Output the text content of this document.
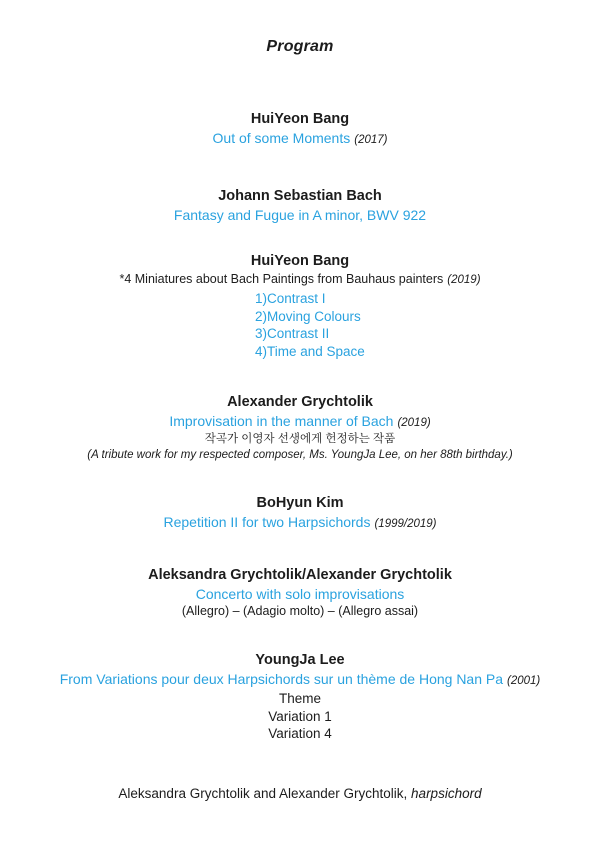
Program
HuiYeon Bang
Out of some Moments (2017)
Johann Sebastian Bach
Fantasy and Fugue in A minor, BWV 922
HuiYeon Bang
*4 Miniatures about Bach Paintings from Bauhaus painters (2019)
1)Contrast I
2)Moving Colours
3)Contrast II
4)Time and Space
Alexander Grychtolik
Improvisation in the manner of Bach (2019)
작곡가 이영자 선생에게 헌정하는 작품
(A tribute work for my respected composer, Ms. YoungJa Lee, on her 88th birthday.)
BoHyun Kim
Repetition II for two Harpsichords (1999/2019)
Aleksandra Grychtolik/Alexander Grychtolik
Concerto with solo improvisations
(Allegro) – (Adagio molto) – (Allegro assai)
YoungJa Lee
From Variations pour deux Harpsichords sur un thème de Hong Nan Pa (2001)
Theme
Variation 1
Variation 4
Aleksandra Grychtolik and Alexander Grychtolik, harpsichord
